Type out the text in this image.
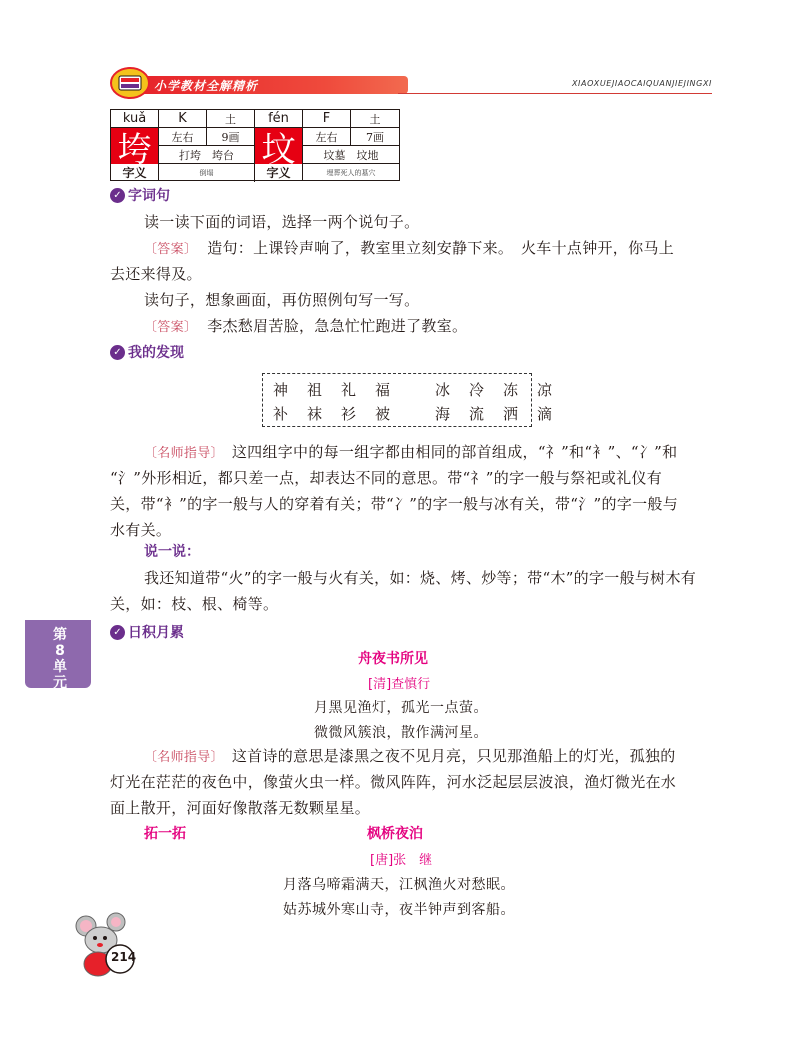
小学教材全解精析	XIAOXUEJIAOCAIQUANJIEJINGXI
kuǎ	K	土
垮	左右	9画
打垮　垮台
字义	倒塌
fén	F	土
坟	左右	7画
坟墓　坟地
字义	埋葬死人的墓穴
✓ 字词句
读一读下面的词语，选择一两个说句子。
〔答案〕 造句：上课铃声响了，教室里立刻安静下来。　火车十点钟开，你马上
去还来得及。
读句子，想象画面，再仿照例句写一写。
〔答案〕 李杰愁眉苦脸，急急忙忙跑进了教室。
✓ 我的发现
神	祖	礼	福	冰	冷	冻	凉
补	袜	衫	被	海	流	洒	滴
〔名师指导〕 这四组字中的每一组字都由相同的部首组成，“礻”和“衤”、“冫”和
“氵”外形相近，都只差一点，却表达不同的意思。带“礻”的字一般与祭祀或礼仪有
关，带“衤”的字一般与人的穿着有关；带“冫”的字一般与冰有关，带“氵”的字一般与
水有关。
说一说：
我还知道带“火”的字一般与火有关，如：烧、烤、炒等；带“木”的字一般与树木有
关，如：枝、根、椅等。
第
8
单
元
✓ 日积月累
舟夜书所见
[清]查慎行
月黑见渔灯，孤光一点萤。
微微风簇浪，散作满河星。
〔名师指导〕 这首诗的意思是漆黑之夜不见月亮，只见那渔船上的灯光，孤独的
灯光在茫茫的夜色中，像萤火虫一样。微风阵阵，河水泛起层层波浪，渔灯微光在水
面上散开，河面好像散落无数颗星星。
拓一拓	枫桥夜泊
[唐]张　继
月落乌啼霜满天，江枫渔火对愁眠。
姑苏城外寒山寺，夜半钟声到客船。
214
